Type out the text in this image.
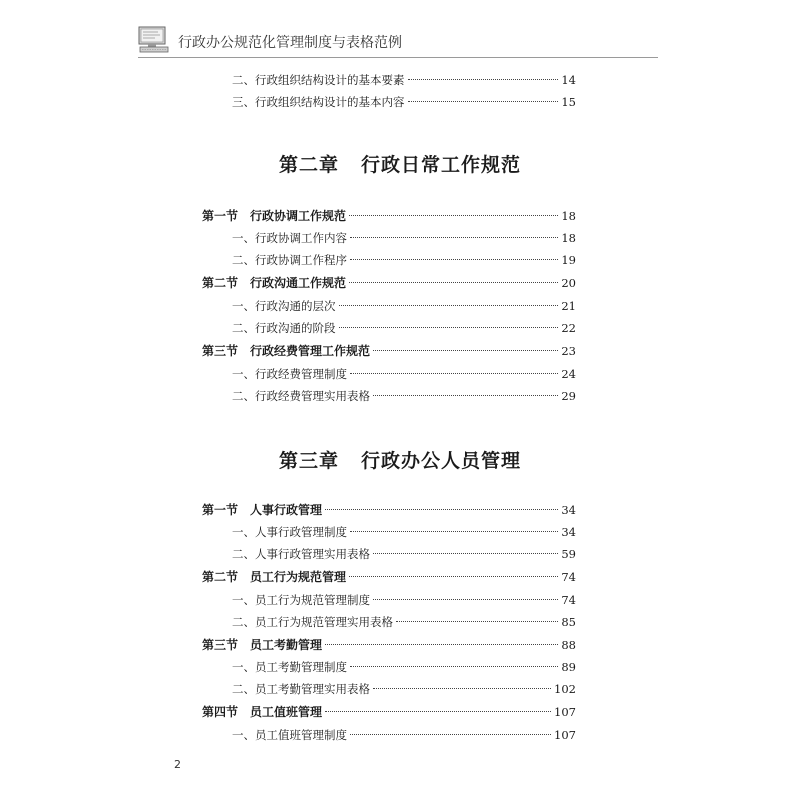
行政办公规范化管理制度与表格范例
二、 行政组织结构设计的基本要素	14
三、 行政组织结构设计的基本内容	15
第二章 行政日常工作规范
第一节 行政协调工作规范	18
一、 行政协调工作内容	18
二、 行政协调工作程序	19
第二节 行政沟通工作规范	20
一、 行政沟通的层次	21
二、 行政沟通的阶段	22
第三节 行政经费管理工作规范	23
一、 行政经费管理制度	24
二、 行政经费管理实用表格	29
第三章 行政办公人员管理
第一节 人事行政管理	34
一、 人事行政管理制度	34
二、 人事行政管理实用表格	59
第二节 员工行为规范管理	74
一、 员工行为规范管理制度	74
二、 员工行为规范管理实用表格	85
第三节 员工考勤管理	88
一、 员工考勤管理制度	89
二、 员工考勤管理实用表格	102
第四节 员工值班管理	107
一、 员工值班管理制度	107
2
